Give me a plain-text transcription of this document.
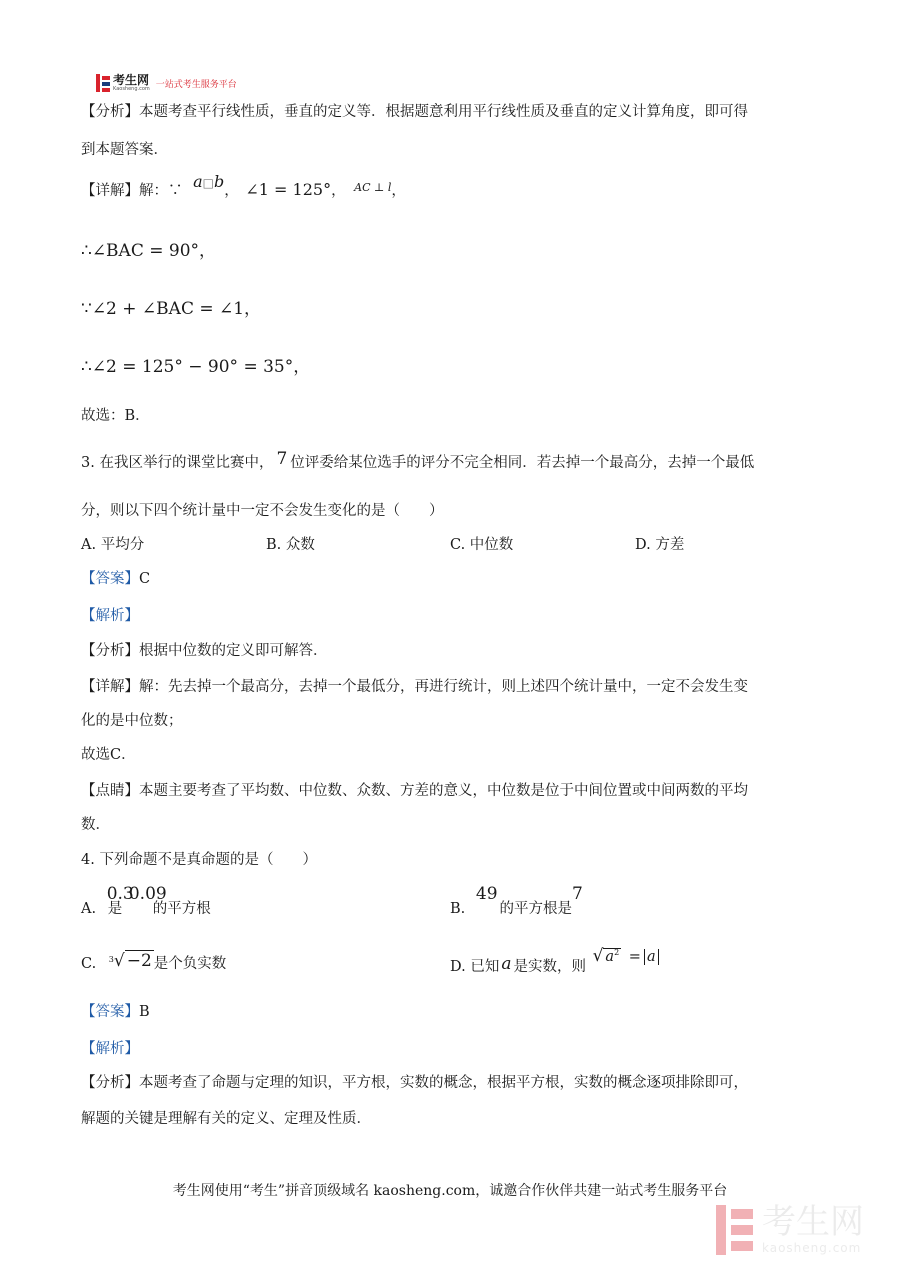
考生网
Kaosheng.com 一站式考生服务平台
【分析】本题考查平行线性质，垂直的定义等．根据题意利用平行线性质及垂直的定义计算角度，即可得
到本题答案．
【详解】解：∵ a□b， ∠1 = 125°， $^{AC \perp l}$，
∴∠BAC = 90°，
∵∠2 + ∠BAC = ∠1，
∴∠2 = 125° − 90° = 35°，
故选：B．
3. 在我区举行的课堂比赛中， 7 位评委给某位选手的评分不完全相同．若去掉一个最高分，去掉一个最低
分，则以下四个统计量中一定不会发生变化的是（　　）
A. 平均分	B. 众数	C. 中位数	D. 方差
【答案】C
【解析】
【分析】根据中位数的定义即可解答．
【详解】解：先去掉一个最高分，去掉一个最低分，再进行统计，则上述四个统计量中，一定不会发生变
化的是中位数；
故选C．
【点睛】本题主要考查了平均数、中位数、众数、方差的意义，中位数是位于中间位置或中间两数的平均
数．
4. 下列命题不是真命题的是（　　）
A. 0.3是 0.09的平方根	B. 49的平方根是7
C. $^3$√ −2 是个负实数	D. 已知 a 是实数，则 √ $a^2 = a$
【答案】B
【解析】
【分析】本题考查了命题与定理的知识，平方根，实数的概念，根据平方根，实数的概念逐项排除即可，
解题的关键是理解有关的定义、定理及性质．
考生网使用“考生”拼音顶级域名 kaosheng.com，诚邀合作伙伴共建一站式考生服务平台
考生网
kaosheng.com
